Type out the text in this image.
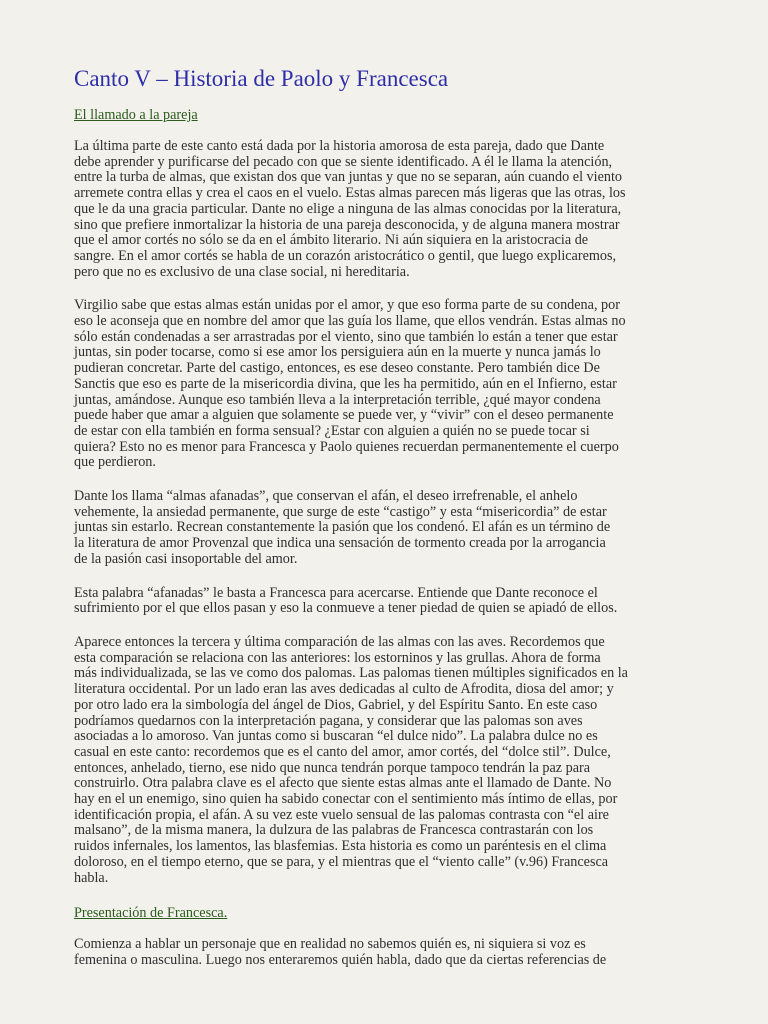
Canto V – Historia de Paolo y Francesca
El llamado a la pareja

La última parte de este canto está dada por la historia amorosa de esta pareja, dado que Dante
debe aprender y purificarse del pecado con que se siente identificado. A él le llama la atención,
entre la turba de almas, que existan dos que van juntas y que no se separan, aún cuando el viento
arremete contra ellas y crea el caos en el vuelo. Estas almas parecen más ligeras que las otras, los
que le da una gracia particular. Dante no elige a ninguna de las almas conocidas por la literatura,
sino que prefiere inmortalizar la historia de una pareja desconocida, y de alguna manera mostrar
que el amor cortés no sólo se da en el ámbito literario. Ni aún siquiera en la aristocracia de
sangre. En el amor cortés se habla de un corazón aristocrático o gentil, que luego explicaremos,
pero que no es exclusivo de una clase social, ni hereditaria.

Virgilio sabe que estas almas están unidas por el amor, y que eso forma parte de su condena, por
eso le aconseja que en nombre del amor que las guía los llame, que ellos vendrán. Estas almas no
sólo están condenadas a ser arrastradas por el viento, sino que también lo están a tener que estar
juntas, sin poder tocarse, como si ese amor los persiguiera aún en la muerte y nunca jamás lo
pudieran concretar. Parte del castigo, entonces, es ese deseo constante. Pero también dice De
Sanctis que eso es parte de la misericordia divina, que les ha permitido, aún en el Infierno, estar
juntas, amándose. Aunque eso también lleva a la interpretación terrible, ¿qué mayor condena
puede haber que amar a alguien que solamente se puede ver, y “vivir” con el deseo permanente
de estar con ella también en forma sensual? ¿Estar con alguien a quién no se puede tocar si
quiera? Esto no es menor para Francesca y Paolo quienes recuerdan permanentemente el cuerpo
que perdieron.

Dante los llama “almas afanadas”, que conservan el afán, el deseo irrefrenable, el anhelo
vehemente, la ansiedad permanente, que surge de este “castigo” y esta “misericordia” de estar
juntas sin estarlo. Recrean constantemente la pasión que los condenó. El afán es un término de
la literatura de amor Provenzal que indica una sensación de tormento creada por la arrogancia
de la pasión casi insoportable del amor.

Esta palabra “afanadas” le basta a Francesca para acercarse. Entiende que Dante reconoce el
sufrimiento por el que ellos pasan y eso la conmueve a tener piedad de quien se apiadó de ellos.

Aparece entonces la tercera y última comparación de las almas con las aves. Recordemos que
esta comparación se relaciona con las anteriores: los estorninos y las grullas. Ahora de forma
más individualizada, se las ve como dos palomas. Las palomas tienen múltiples significados en la
literatura occidental. Por un lado eran las aves dedicadas al culto de Afrodita, diosa del amor; y
por otro lado era la simbología del ángel de Dios, Gabriel, y del Espíritu Santo. En este caso
podríamos quedarnos con la interpretación pagana, y considerar que las palomas son aves
asociadas a lo amoroso. Van juntas como si buscaran “el dulce nido”. La palabra dulce no es
casual en este canto: recordemos que es el canto del amor, amor cortés, del “dolce stil”. Dulce,
entonces, anhelado, tierno, ese nido que nunca tendrán porque tampoco tendrán la paz para
construirlo. Otra palabra clave es el afecto que siente estas almas ante el llamado de Dante. No
hay en el un enemigo, sino quien ha sabido conectar con el sentimiento más íntimo de ellas, por
identificación propia, el afán. A su vez este vuelo sensual de las palomas contrasta con “el aire
malsano”, de la misma manera, la dulzura de las palabras de Francesca contrastarán con los
ruidos infernales, los lamentos, las blasfemias. Esta historia es como un paréntesis en el clima
doloroso, en el tiempo eterno, que se para, y el mientras que el “viento calle” (v.96) Francesca
habla.

Presentación de Francesca.

Comienza a hablar un personaje que en realidad no sabemos quién es, ni siquiera si voz es
femenina o masculina. Luego nos enteraremos quién habla, dado que da ciertas referencias de
